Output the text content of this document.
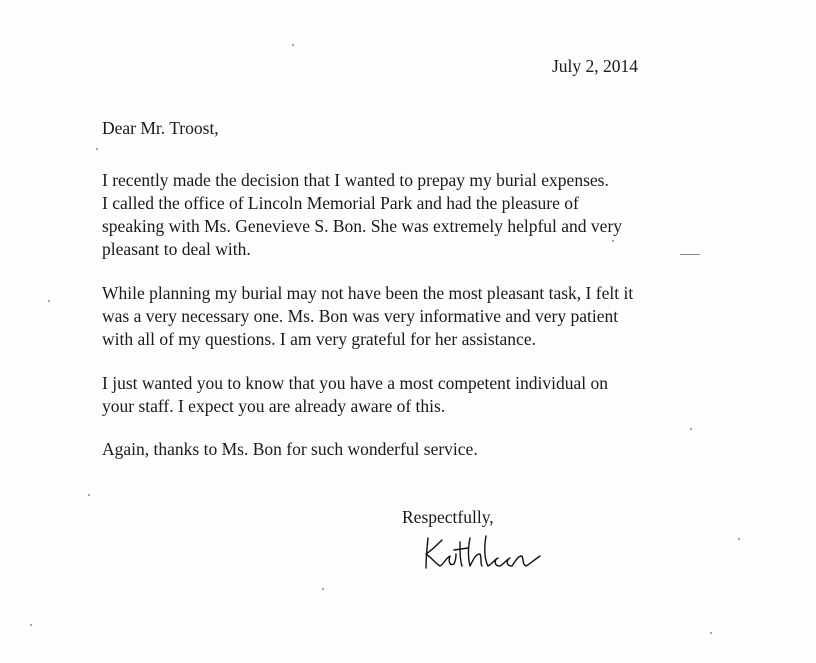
July 2, 2014
Dear Mr. Troost,
I recently made the decision that I wanted to prepay my burial expenses.
I called the office of Lincoln Memorial Park and had the pleasure of
speaking with Ms. Genevieve S. Bon. She was extremely helpful and very
pleasant to deal with.
While planning my burial may not have been the most pleasant task, I felt it
was a very necessary one. Ms. Bon was very informative and very patient
with all of my questions. I am very grateful for her assistance.
I just wanted you to know that you have a most competent individual on
your staff. I expect you are already aware of this.
Again, thanks to Ms. Bon for such wonderful service.
Respectfully,
